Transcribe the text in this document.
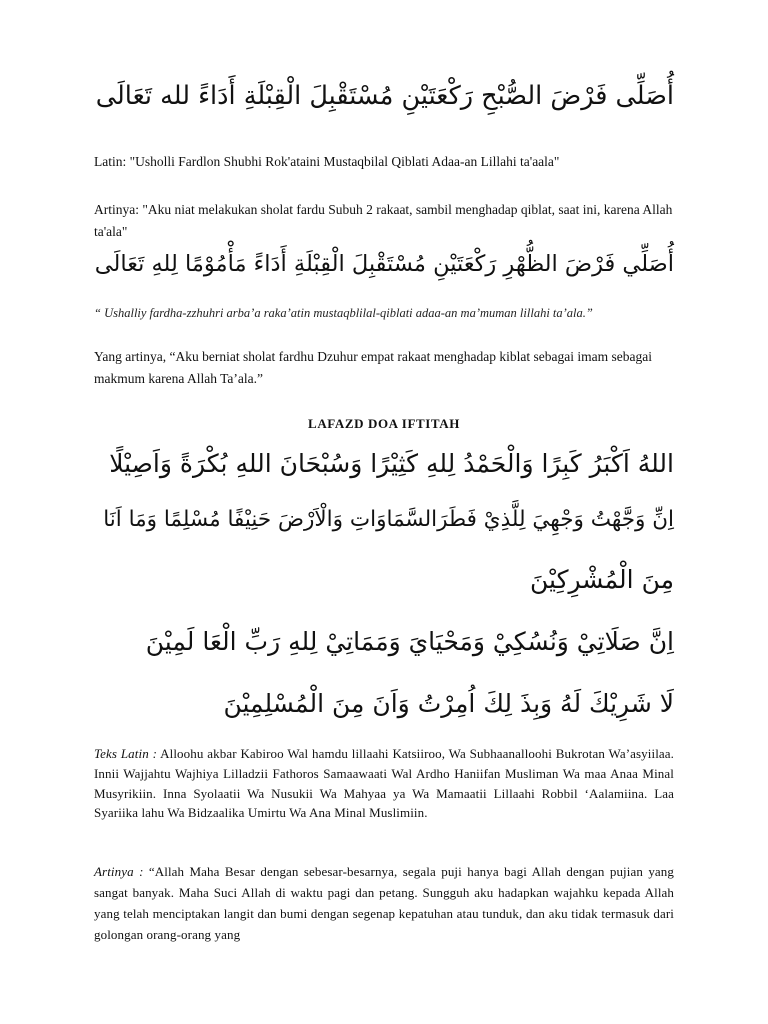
أُصَلِّى فَرْضَ الصُّبْحِ رَكْعَتَيْنِ مُسْتَقْبِلَ الْقِبْلَةِ أَدَاءً لله تَعَالَى
Latin: "Usholli Fardlon Shubhi Rok'ataini Mustaqbilal Qiblati Adaa-an Lillahi ta'aala"
Artinya: "Aku niat melakukan sholat fardu Subuh 2 rakaat, sambil menghadap qiblat, saat ini, karena Allah ta'ala"
أُصَلِّي فَرْضَ الظُّهْرِ رَكْعَتَيْنِ مُسْتَقْبِلَ الْقِبْلَةِ أَدَاءً مَأْمُوْمًا لِلهِ تَعَالَى
“ Ushalliy fardha-zzhuhri arba’a raka’atin mustaqblilal-qiblati adaa-an ma’muman lillahi ta’ala.”
Yang artinya, “Aku berniat sholat fardhu Dzuhur empat rakaat menghadap kiblat sebagai imam sebagai makmum karena Allah Ta’ala.”
LAFAZD DOA IFTITAH
اللهُ اَكْبَرُ كَبِرًا وَالْحَمْدُ لِلهِ كَثِيْرًا وَسُبْحَانَ اللهِ بُكْرَةً وَاَصِيْلًا
اِنِّ وَجَّهْتُ وَجْهِيَ لِلَّذِيْ فَطَرَالسَّمَاوَاتِ وَالْاَرْضَ حَنِيْفًا مُسْلِمًا وَمَا اَنَا
مِنَ الْمُشْرِكِيْنَ
اِنَّ صَلَاتِيْ وَنُسُكِيْ وَمَحْيَايَ وَمَمَاتِيْ لِلهِ رَبِّ الْعَا لَمِيْنَ
لَا شَرِيْكَ لَهُ وَبِذَ لِكَ اُمِرْتُ وَاَنَ مِنَ الْمُسْلِمِيْنَ
Teks Latin : Alloohu akbar Kabiroo Wal hamdu lillaahi Katsiiroo, Wa Subhaanalloohi Bukrotan Wa’asyiilaa. Innii Wajjahtu Wajhiya Lilladzii Fathoros Samaawaati Wal Ardho Haniifan Musliman Wa maa Anaa Minal Musyrikiin. Inna Syolaatii Wa Nusukii Wa Mahyaa ya Wa Mamaatii Lillaahi Robbil ‘Aalamiina. Laa Syariika lahu Wa Bidzaalika Umirtu Wa Ana Minal Muslimiin.
Artinya : “Allah Maha Besar dengan sebesar-besarnya, segala puji hanya bagi Allah dengan pujian yang sangat banyak. Maha Suci Allah di waktu pagi dan petang. Sungguh aku hadapkan wajahku kepada Allah yang telah menciptakan langit dan bumi dengan segenap kepatuhan atau tunduk, dan aku tidak termasuk dari golongan orang-orang yang
